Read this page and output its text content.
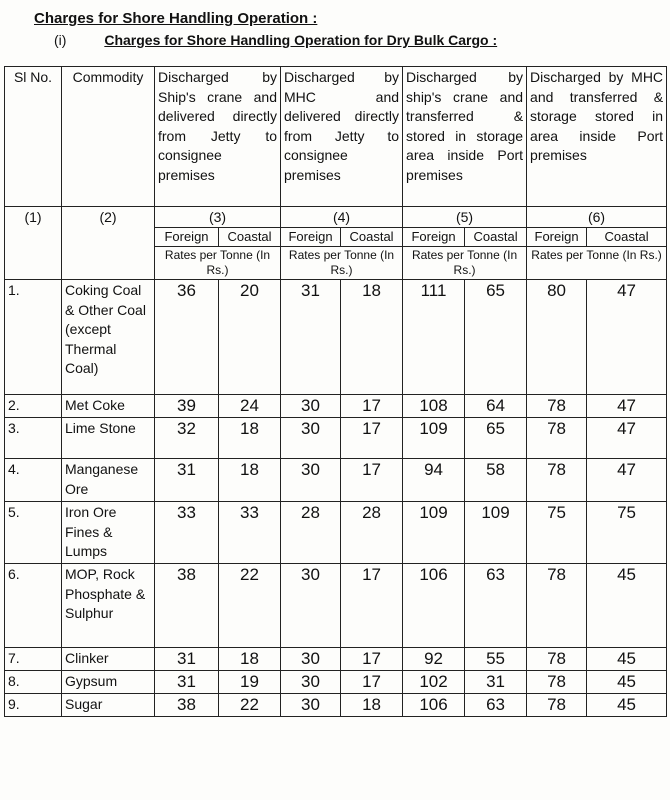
Charges for Shore Handling Operation :
(i)	Charges for Shore Handling Operation for Dry Bulk Cargo :
Sl No.	Commodity	Discharged by Ship's crane and delivered directly from Jetty to consignee premises		Discharged by MHC and delivered directly from Jetty to consignee premises		Discharged by ship's crane and transferred & stored in storage area inside Port premises		Discharged by MHC and transferred & storage stored in area inside Port premises	
(1)	(2)	(3)		(4)		(5)		(6)	
		Foreign	Coastal	Foreign	Coastal	Foreign	Coastal	Foreign	Coastal
		Rates per Tonne (In Rs.)		Rates per Tonne (In Rs.)		Rates per Tonne (In Rs.)		Rates per Tonne (In Rs.)	
1.	Coking Coal & Other Coal (except Thermal Coal)	36	20	31	18	111	65	80	47
2.	Met Coke	39	24	30	17	108	64	78	47
3.	Lime Stone	32	18	30	17	109	65	78	47
4.	Manganese Ore	31	18	30	17	94	58	78	47
5.	Iron Ore Fines & Lumps	33	33	28	28	109	109	75	75
6.	MOP, Rock Phosphate & Sulphur	38	22	30	17	106	63	78	45
7.	Clinker	31	18	30	17	92	55	78	45
8.	Gypsum	31	19	30	17	102	31	78	45
9.	Sugar	38	22	30	18	106	63	78	45
